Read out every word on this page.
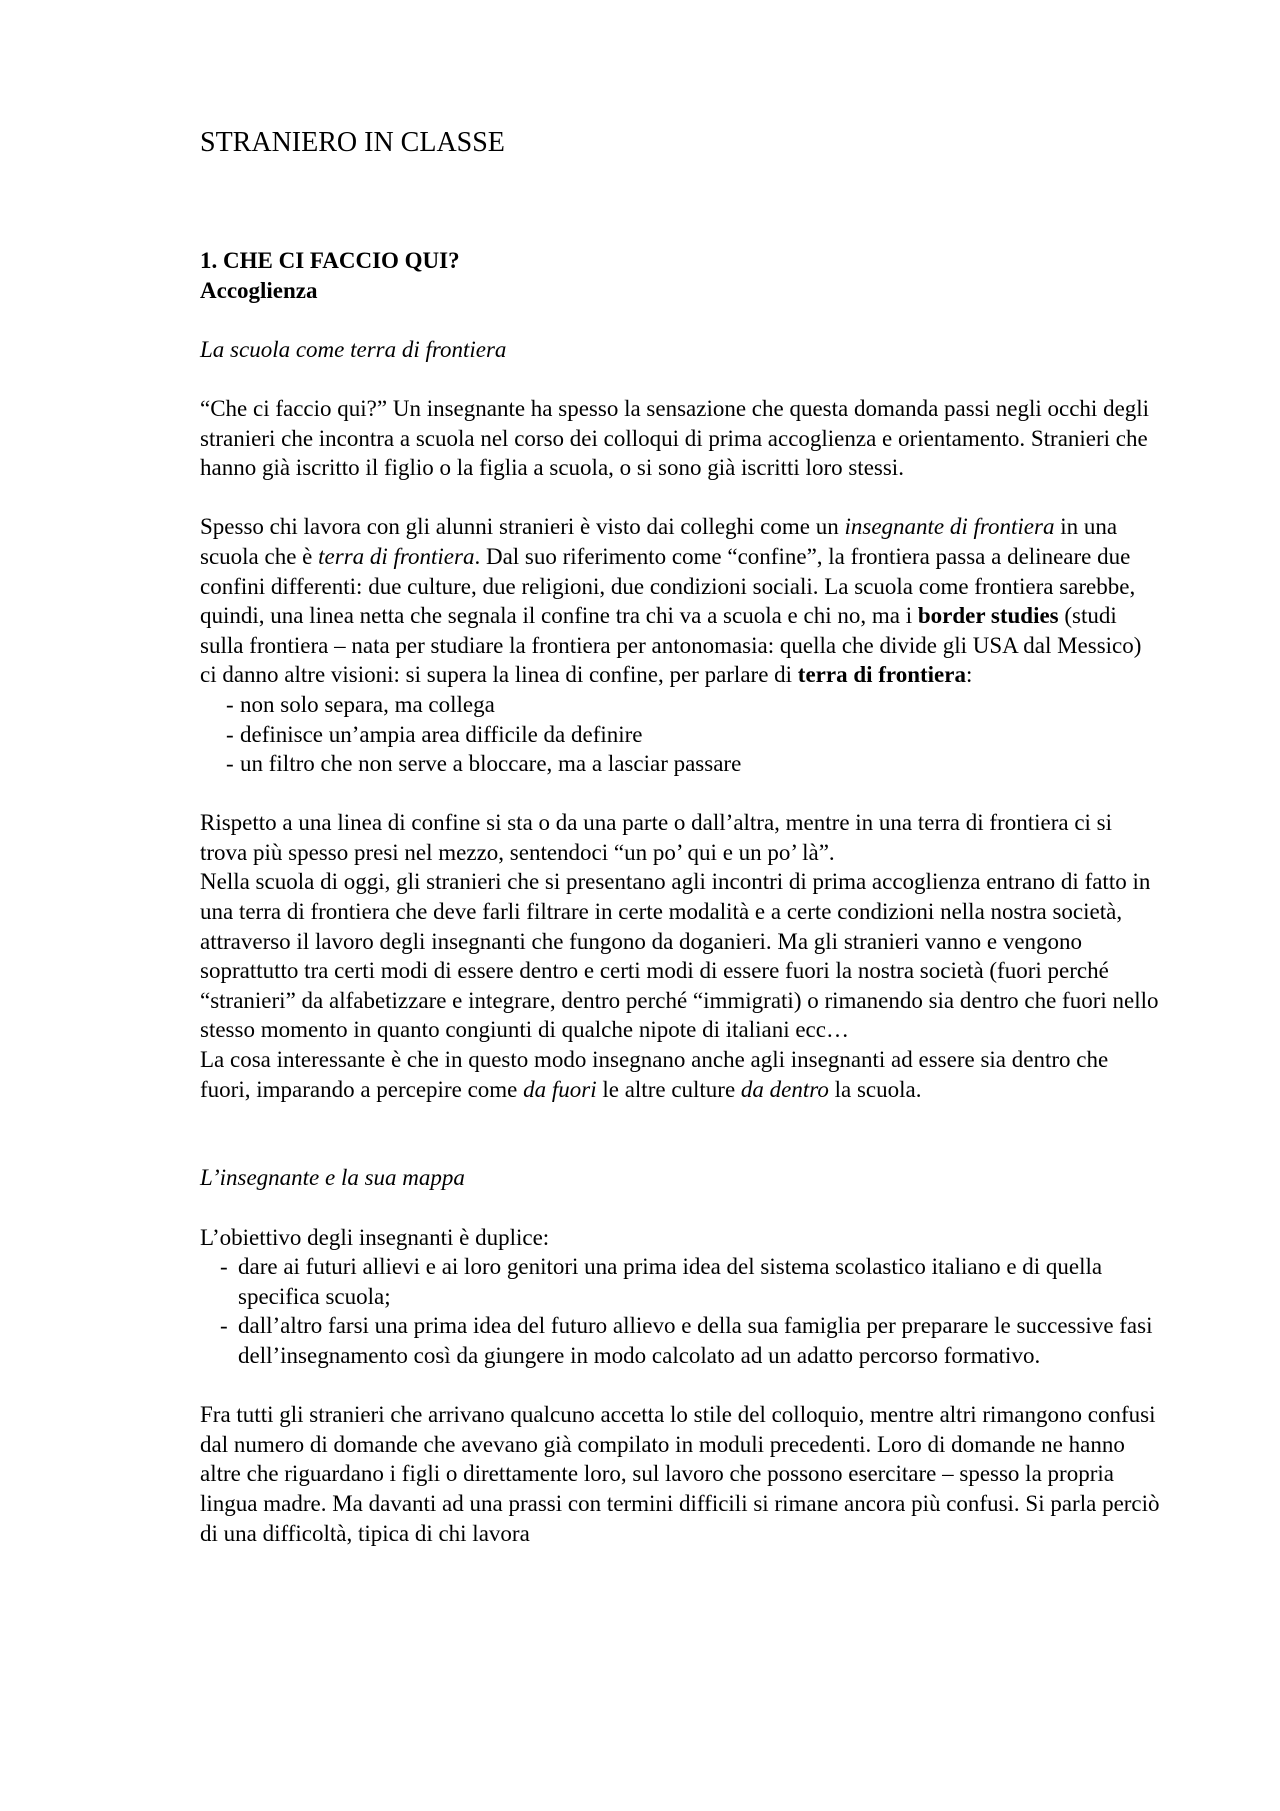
STRANIERO IN CLASSE
1. CHE CI FACCIO QUI?
Accoglienza
La scuola come terra di frontiera

“Che ci faccio qui?” Un insegnante ha spesso la sensazione che questa domanda passi negli occhi degli stranieri che incontra a scuola nel corso dei colloqui di prima accoglienza e orientamento. Stranieri che hanno già iscritto il figlio o la figlia a scuola, o si sono già iscritti loro stessi.

Spesso chi lavora con gli alunni stranieri è visto dai colleghi come un insegnante di frontiera in una scuola che è terra di frontiera. Dal suo riferimento come “confine”, la frontiera passa a delineare due confini differenti: due culture, due religioni, due condizioni sociali. La scuola come frontiera sarebbe, quindi, una linea netta che segnala il confine tra chi va a scuola e chi no, ma i border studies (studi sulla frontiera – nata per studiare la frontiera per antonomasia: quella che divide gli USA dal Messico) ci danno altre visioni: si supera la linea di confine, per parlare di terra di frontiera:

- non solo separa, ma collega
- definisce un’ampia area difficile da definire
- un filtro che non serve a bloccare, ma a lasciar passare

Rispetto a una linea di confine si sta o da una parte o dall’altra, mentre in una terra di frontiera ci si trova più spesso presi nel mezzo, sentendoci “un po’ qui e un po’ là”.

Nella scuola di oggi, gli stranieri che si presentano agli incontri di prima accoglienza entrano di fatto in una terra di frontiera che deve farli filtrare in certe modalità e a certe condizioni nella nostra società, attraverso il lavoro degli insegnanti che fungono da doganieri. Ma gli stranieri vanno e vengono soprattutto tra certi modi di essere dentro e certi modi di essere fuori la nostra società (fuori perché “stranieri” da alfabetizzare e integrare, dentro perché “immigrati) o rimanendo sia dentro che fuori nello stesso momento in quanto congiunti di qualche nipote di italiani ecc…

La cosa interessante è che in questo modo insegnano anche agli insegnanti ad essere sia dentro che fuori, imparando a percepire come da fuori le altre culture da dentro la scuola.

L’insegnante e la sua mappa

L’obiettivo degli insegnanti è duplice:

- dare ai futuri allievi e ai loro genitori una prima idea del sistema scolastico italiano e di quella specifica scuola;
- dall’altro farsi una prima idea del futuro allievo e della sua famiglia per preparare le successive fasi dell’insegnamento così da giungere in modo calcolato ad un adatto percorso formativo.

Fra tutti gli stranieri che arrivano qualcuno accetta lo stile del colloquio, mentre altri rimangono confusi dal numero di domande che avevano già compilato in moduli precedenti. Loro di domande ne hanno altre che riguardano i figli o direttamente loro, sul lavoro che possono esercitare – spesso la propria lingua madre. Ma davanti ad una prassi con termini difficili si rimane ancora più confusi. Si parla perciò di una difficoltà, tipica di chi lavora
